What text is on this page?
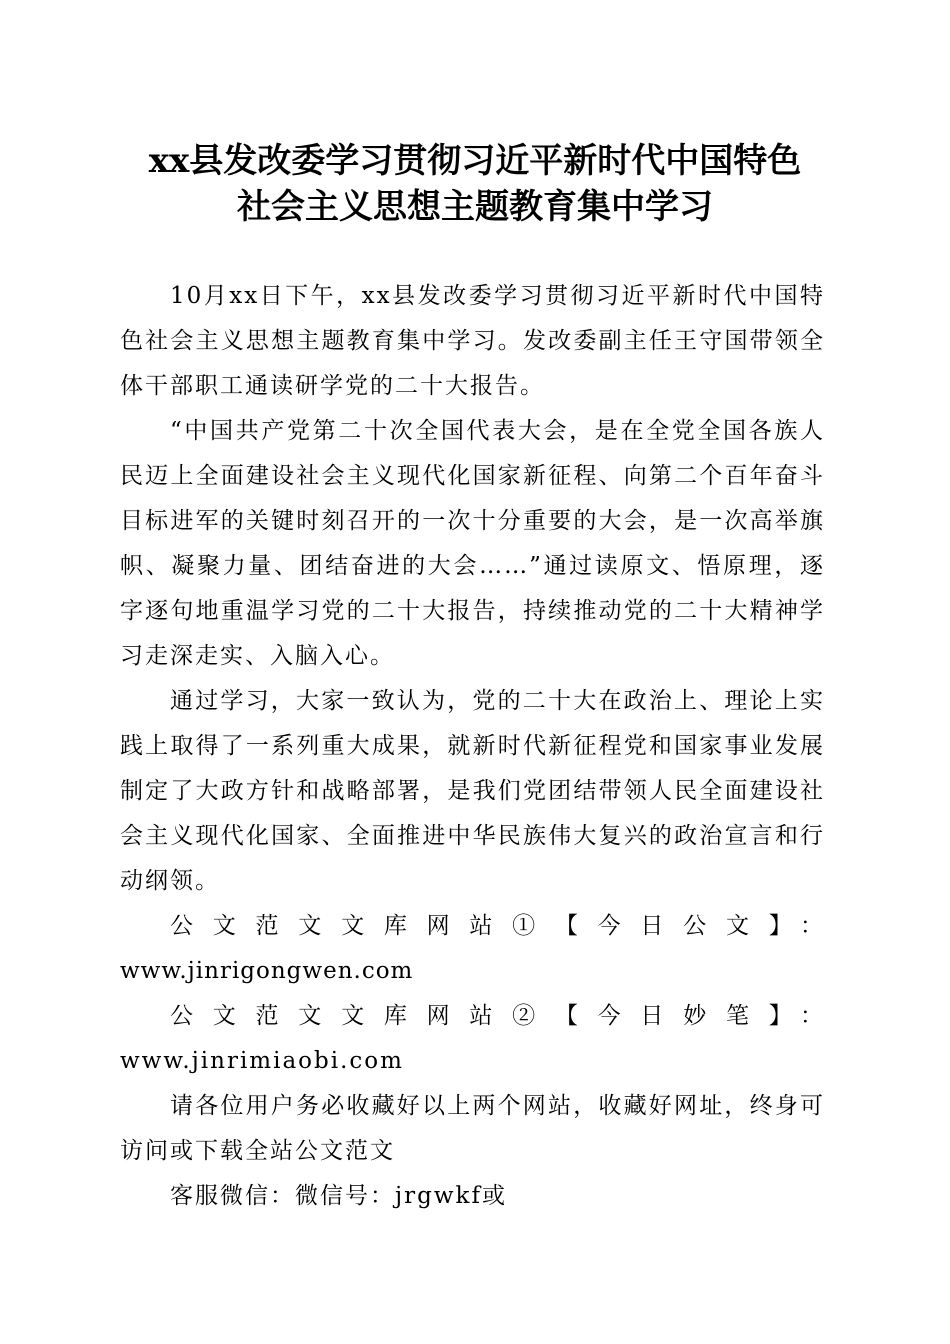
xx县发改委学习贯彻习近平新时代中国特色
社会主义思想主题教育集中学习

10月xx日下午，xx县发改委学习贯彻习近平新时代中国特色社会主义思想主题教育集中学习。发改委副主任王守国带领全体干部职工通读研学党的二十大报告。

“中国共产党第二十次全国代表大会，是在全党全国各族人民迈上全面建设社会主义现代化国家新征程、向第二个百年奋斗目标进军的关键时刻召开的一次十分重要的大会，是一次高举旗帜、凝聚力量、团结奋进的大会……”通过读原文、悟原理，逐字逐句地重温学习党的二十大报告，持续推动党的二十大精神学习走深走实、入脑入心。

通过学习，大家一致认为，党的二十大在政治上、理论上实践上取得了一系列重大成果，就新时代新征程党和国家事业发展制定了大政方针和战略部署，是我们党团结带领人民全面建设社会主义现代化国家、全面推进中华民族伟大复兴的政治宣言和行动纲领。

公文范文文库网站①【今日公文】：

www.jinrigongwen.com

公文范文文库网站②【今日妙笔】：www.jinrimiaobi.com

请各位用户务必收藏好以上两个网站，收藏好网址，终身可访问或下载全站公文范文

客服微信：微信号：jrgwkf或
